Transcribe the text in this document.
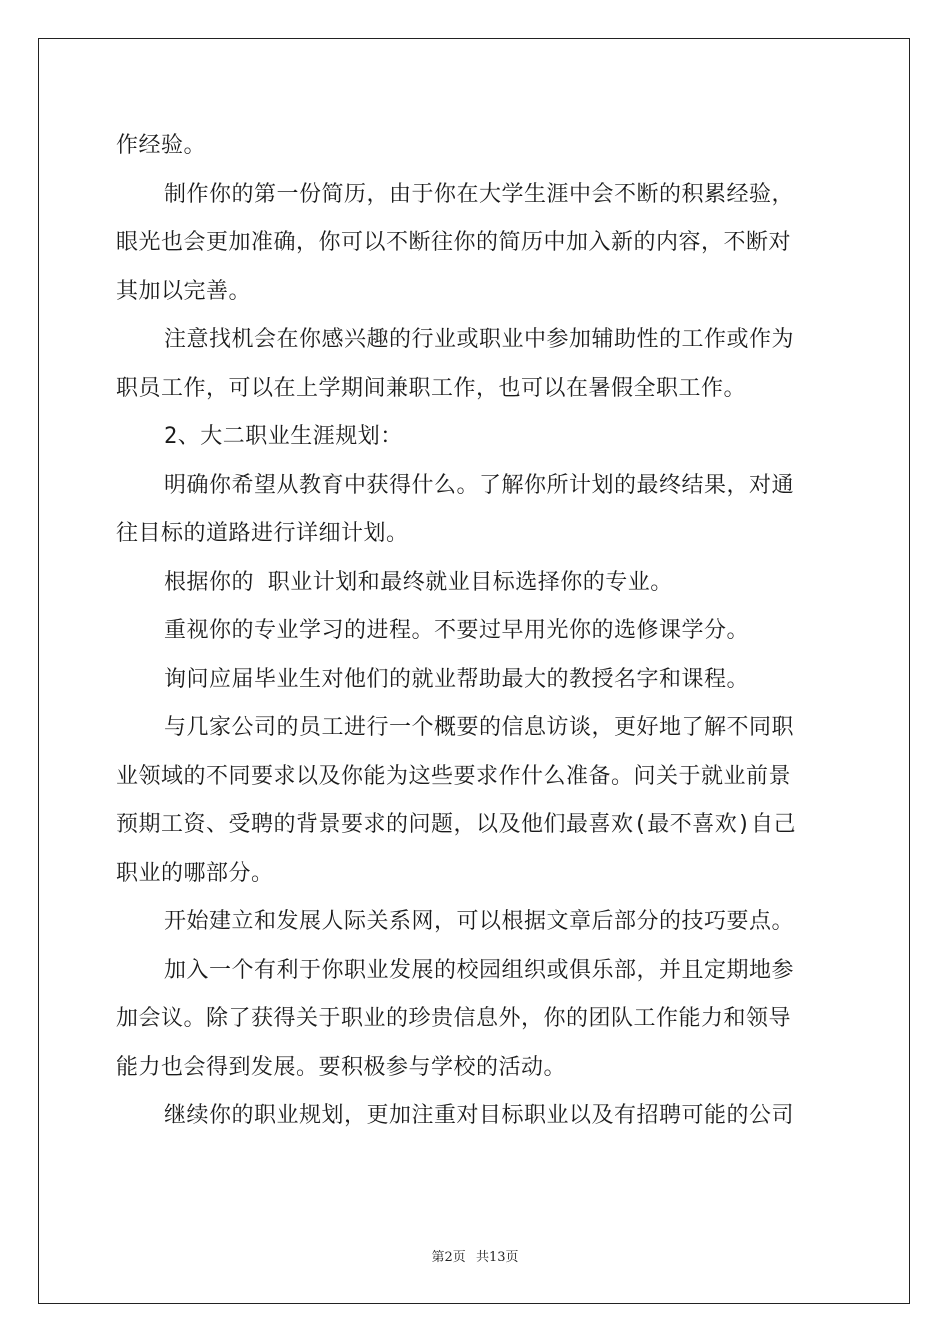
作经验。
制作你的第一份简历，由于你在大学生涯中会不断的积累经验，
眼光也会更加准确，你可以不断往你的简历中加入新的内容，不断对
其加以完善。
注意找机会在你感兴趣的行业或职业中参加辅助性的工作或作为
职员工作，可以在上学期间兼职工作，也可以在暑假全职工作。
2、大二职业生涯规划：
明确你希望从教育中获得什么。了解你所计划的最终结果，对通
往目标的道路进行详细计划。
根据你的 职业计划和最终就业目标选择你的专业。
重视你的专业学习的进程。不要过早用光你的选修课学分。
询问应届毕业生对他们的就业帮助最大的教授名字和课程。
与几家公司的员工进行一个概要的信息访谈，更好地了解不同职
业领域的不同要求以及你能为这些要求作什么准备。问关于就业前景
预期工资、受聘的背景要求的问题，以及他们最喜欢(最不喜欢)自己
职业的哪部分。
开始建立和发展人际关系网，可以根据文章后部分的技巧要点。
加入一个有利于你职业发展的校园组织或俱乐部，并且定期地参
加会议。除了获得关于职业的珍贵信息外，你的团队工作能力和领导
能力也会得到发展。要积极参与学校的活动。
继续你的职业规划，更加注重对目标职业以及有招聘可能的公司
第2页 共13页
